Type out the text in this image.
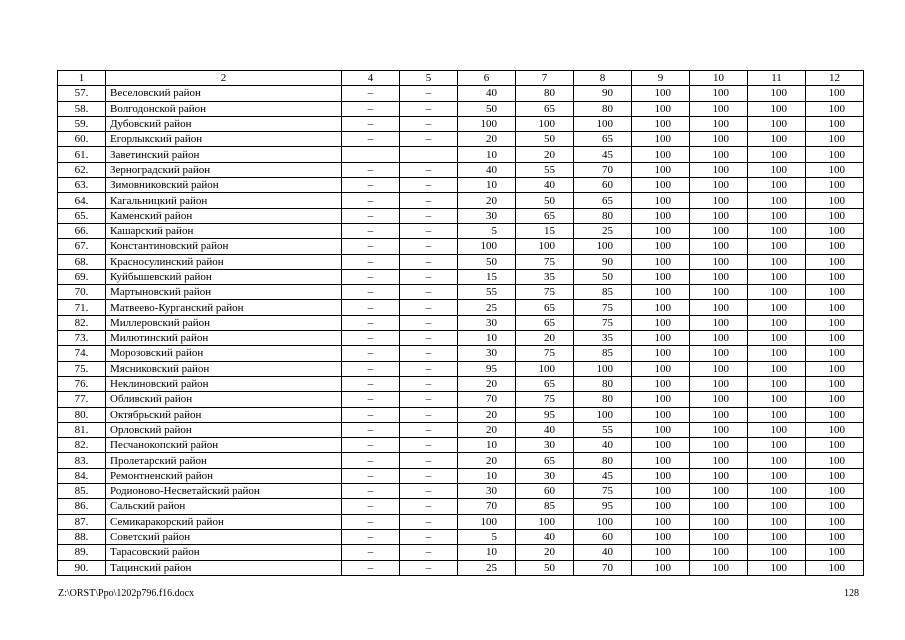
1	2	4	5	6	7	8	9	10	11	12
57.	Веселовский район	–	–	40	80	90	100	100	100	100
58.	Волгодонской район	–	–	50	65	80	100	100	100	100
59.	Дубовский район	–	–	100	100	100	100	100	100	100
60.	Егорлыкский район	–	–	20	50	65	100	100	100	100
61.	Заветинский район			10	20	45	100	100	100	100
62.	Зерноградский район	–	–	40	55	70	100	100	100	100
63.	Зимовниковский район	–	–	10	40	60	100	100	100	100
64.	Кагальницкий район	–	–	20	50	65	100	100	100	100
65.	Каменский район	–	–	30	65	80	100	100	100	100
66.	Кашарский район	–	–	5	15	25	100	100	100	100
67.	Константиновский район	–	–	100	100	100	100	100	100	100
68.	Красносулинский район	–	–	50	75	90	100	100	100	100
69.	Куйбышевский район	–	–	15	35	50	100	100	100	100
70.	Мартыновский район	–	–	55	75	85	100	100	100	100
71.	Матвеево-Курганский район	–	–	25	65	75	100	100	100	100
82.	Миллеровский район	–	–	30	65	75	100	100	100	100
73.	Милютинский район	–	–	10	20	35	100	100	100	100
74.	Морозовский район	–	–	30	75	85	100	100	100	100
75.	Мясниковский район	–	–	95	100	100	100	100	100	100
76.	Неклиновский район	–	–	20	65	80	100	100	100	100
77.	Обливский район	–	–	70	75	80	100	100	100	100
80.	Октябрьский район	–	–	20	95	100	100	100	100	100
81.	Орловский район	–	–	20	40	55	100	100	100	100
82.	Песчанокопский район	–	–	10	30	40	100	100	100	100
83.	Пролетарский район	–	–	20	65	80	100	100	100	100
84.	Ремонтненский район	–	–	10	30	45	100	100	100	100
85.	Родионово-Несветайский район	–	–	30	60	75	100	100	100	100
86.	Сальский район	–	–	70	85	95	100	100	100	100
87.	Семикаракорский район	–	–	100	100	100	100	100	100	100
88.	Советский район	–	–	5	40	60	100	100	100	100
89.	Тарасовский район	–	–	10	20	40	100	100	100	100
90.	Тацинский район	–	–	25	50	70	100	100	100	100
Z:\ORST\Ppo\1202p796.f16.docx	128
